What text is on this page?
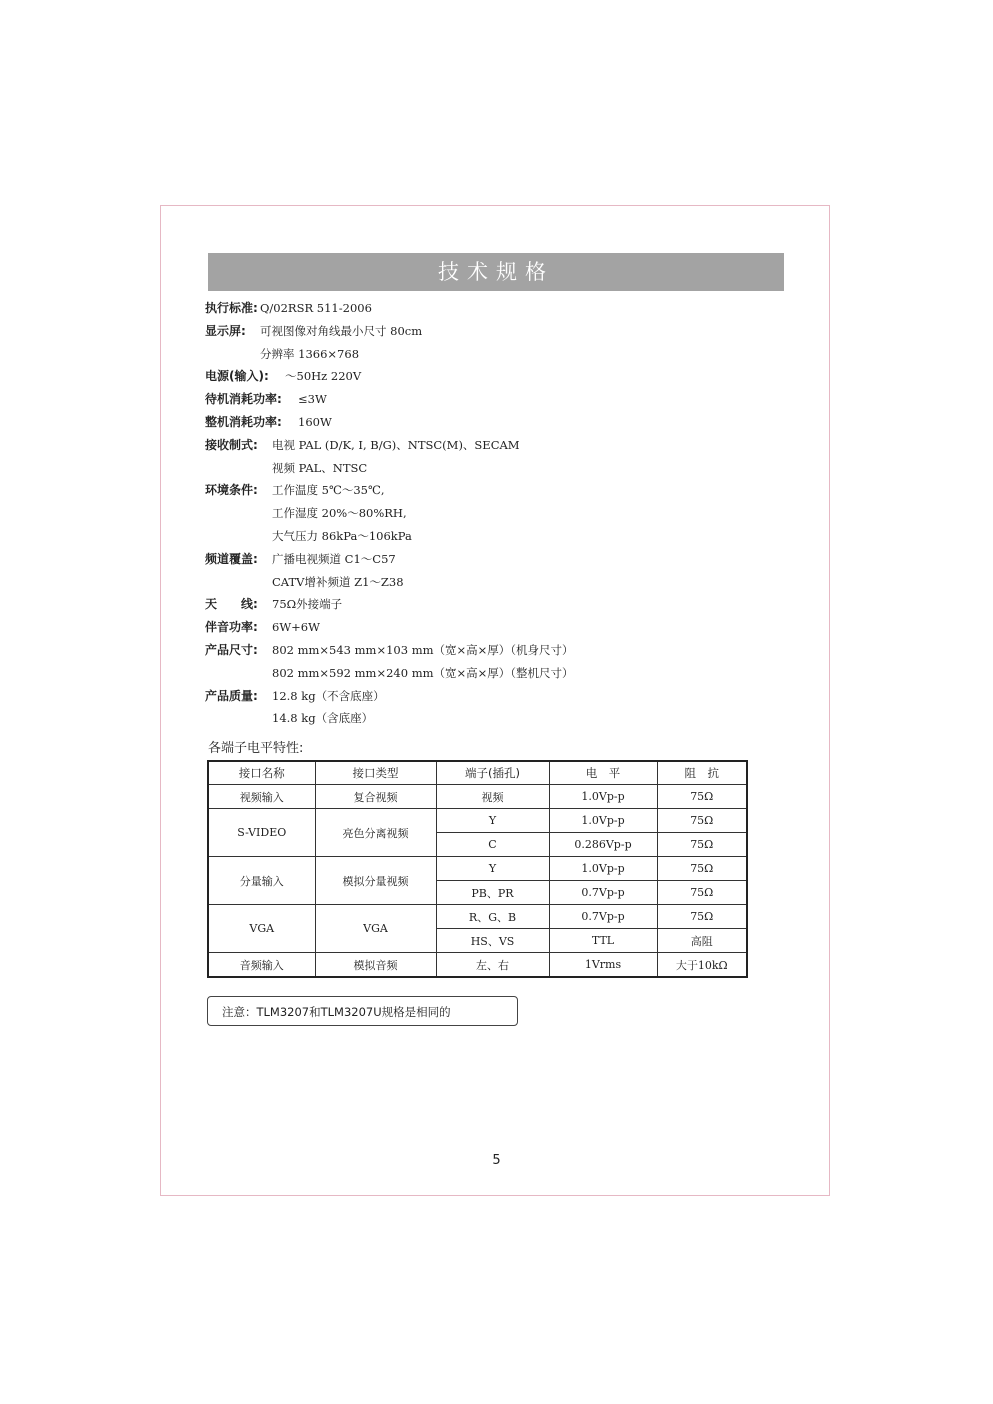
技术规格
执行标准: Q/02RSR 511-2006
显示屏: 可视图像对角线最小尺寸 80cm
分辨率 1366×768
电源(输入): ～50Hz 220V
待机消耗功率: ≤3W
整机消耗功率: 160W
接收制式: 电视 PAL (D/K, I, B/G)、NTSC(M)、SECAM
视频 PAL、NTSC
环境条件: 工作温度 5℃～35℃,
工作湿度 20%～80%RH,
大气压力 86kPa～106kPa
频道覆盖: 广播电视频道 C1～C57
CATV增补频道 Z1～Z38
天　　线: 75Ω外接端子
伴音功率: 6W+6W
产品尺寸: 802 mm×543 mm×103 mm（宽×高×厚）（机身尺寸）
802 mm×592 mm×240 mm（宽×高×厚）（整机尺寸）
产品质量: 12.8 kg（不含底座）
14.8 kg（含底座）
各端子电平特性:
接口名称	接口类型	端子(插孔)	电　平	阻　抗
视频输入	复合视频	视频	1.0Vp-p	75Ω
S-VIDEO	亮色分离视频	Y	1.0Vp-p	75Ω
		C	0.286Vp-p	75Ω
分量输入	模拟分量视频	Y	1.0Vp-p	75Ω
		PB、PR	0.7Vp-p	75Ω
VGA	VGA	R、G、B	0.7Vp-p	75Ω
		HS、VS	TTL	高阻
音频输入	模拟音频	左、右	1Vrms	大于10kΩ
注意：TLM3207和TLM3207U规格是相同的
5
